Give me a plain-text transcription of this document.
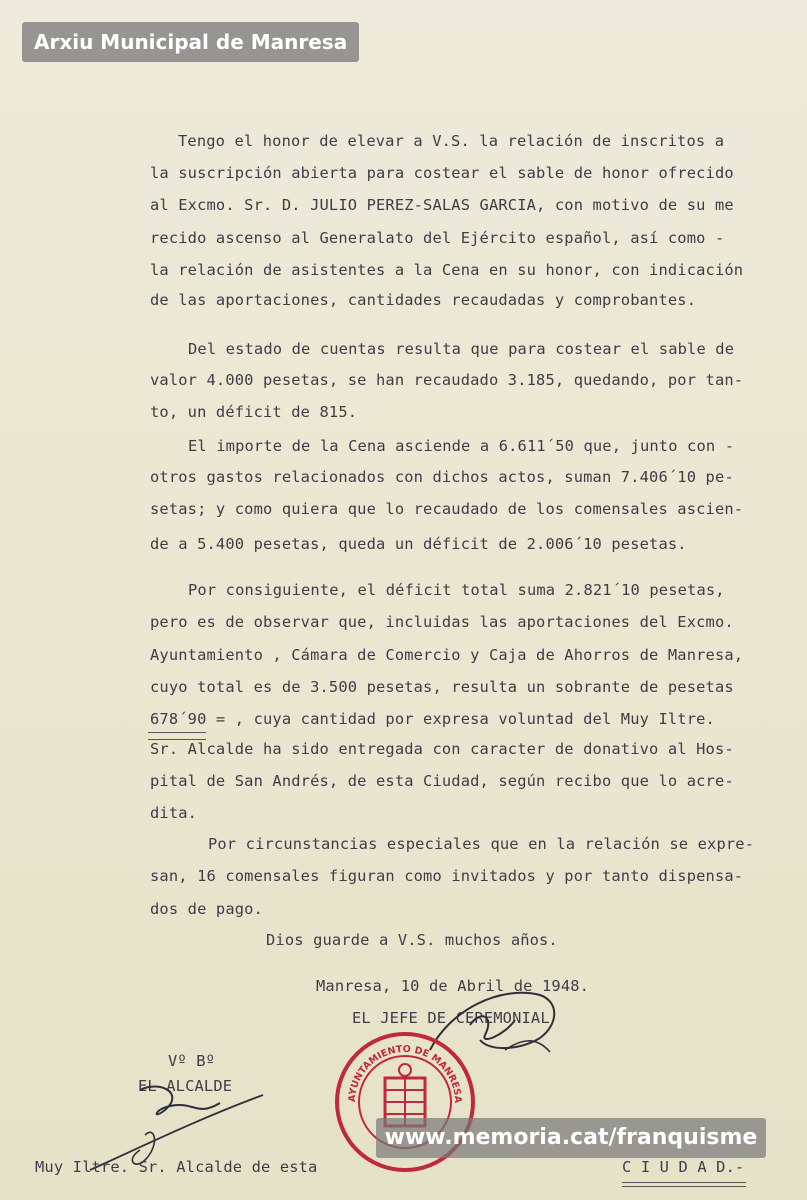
Arxiu Municipal de Manresa
Tengo el honor de elevar a V.S. la relación de inscritos a
la suscripción abierta para costear el sable de honor ofrecido
al Excmo. Sr. D. JULIO PEREZ-SALAS GARCIA, con motivo de su me
recido ascenso al Generalato del Ejército español, así como -
la relación de asistentes a la Cena en su honor, con indicación
de las aportaciones, cantidades recaudadas y comprobantes.
Del estado de cuentas resulta que para costear el sable de
valor 4.000 pesetas, se han recaudado 3.185, quedando, por tan-
to, un déficit de 815.
El importe de la Cena asciende a 6.611´50 que, junto con -
otros gastos relacionados con dichos actos, suman 7.406´10 pe-
setas; y como quiera que lo recaudado de los comensales ascien-
de a 5.400 pesetas, queda un déficit de 2.006´10 pesetas.
Por consiguiente, el déficit total suma 2.821´10 pesetas,
pero es de observar que, incluidas las aportaciones del Excmo.
Ayuntamiento , Cámara de Comercio y Caja de Ahorros de Manresa,
cuyo total es de 3.500 pesetas, resulta un sobrante de pesetas
678´90 = , cuya cantidad por expresa voluntad del Muy Iltre.
Sr. Alcalde ha sido entregada con caracter de donativo al Hos-
pital de San Andrés, de esta Ciudad, según recibo que lo acre-
dita.
Por circunstancias especiales que en la relación se expre-
san, 16 comensales figuran como invitados y por tanto dispensa-
dos de pago.
Dios guarde a V.S. muchos años.
Manresa, 10 de Abril de 1948.
EL JEFE DE CEREMONIAL
Vº Bº
EL ALCALDE
AYUNTAMIENTO DE MANRESA
Muy Iltre. Sr. Alcalde de esta	C I U D A D.-
www.memoria.cat/franquisme
